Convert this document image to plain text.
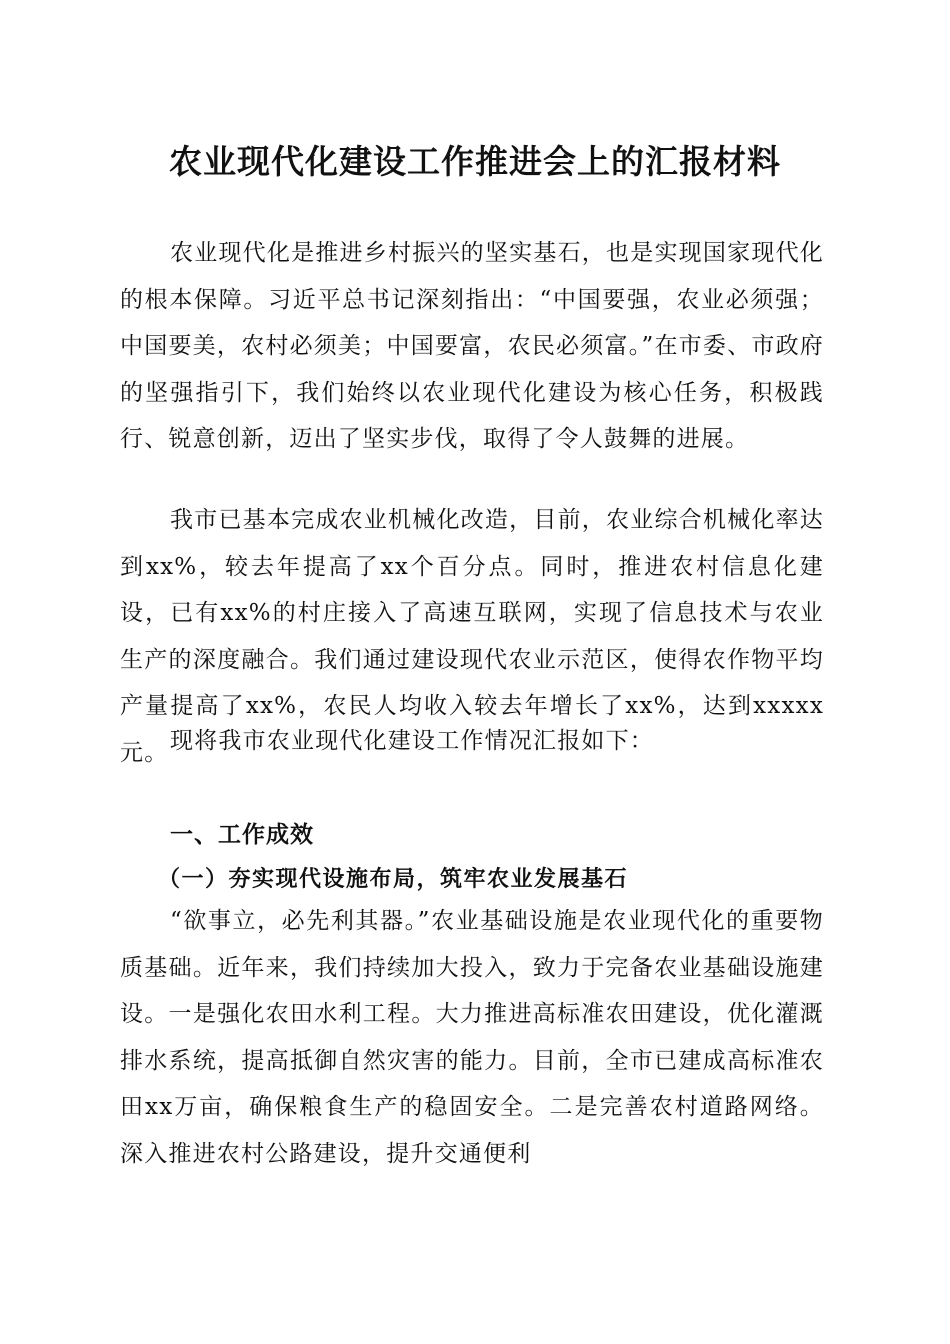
农业现代化建设工作推进会上的汇报材料

农业现代化是推进乡村振兴的坚实基石，也是实现国家现代化的根本保障。习近平总书记深刻指出：“中国要强，农业必须强；中国要美，农村必须美；中国要富，农民必须富。”在市委、市政府的坚强指引下，我们始终以农业现代化建设为核心任务，积极践行、锐意创新，迈出了坚实步伐，取得了令人鼓舞的进展。

我市已基本完成农业机械化改造，目前，农业综合机械化率达到xx%，较去年提高了xx个百分点。同时，推进农村信息化建设，已有xx%的村庄接入了高速互联网，实现了信息技术与农业生产的深度融合。我们通过建设现代农业示范区，使得农作物平均产量提高了xx%，农民人均收入较去年增长了xx%，达到xxxxx元。 现将我市农业现代化建设工作情况汇报如下：

一、工作成效
（一）夯实现代设施布局，筑牢农业发展基石

“欲事立，必先利其器。”农业基础设施是农业现代化的重要物质基础。近年来，我们持续加大投入，致力于完备农业基础设施建设。一是强化农田水利工程。大力推进高标准农田建设，优化灌溉排水系统，提高抵御自然灾害的能力。目前，全市已建成高标准农田xx万亩，确保粮食生产的稳固安全。二是完善农村道路网络。深入推进农村公路建设，提升交通便利
